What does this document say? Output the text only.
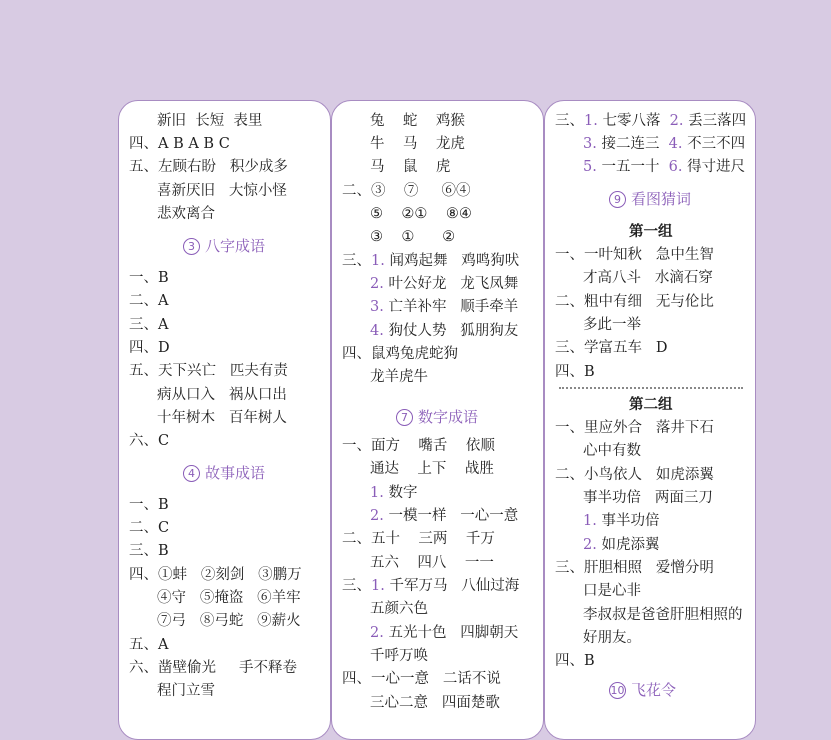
新旧  长短  表里
四、A B A B C
五、左顾右盼   积少成多
喜新厌旧   大惊小怪
悲欢离合
3 八字成语
一、B
二、A
三、A
四、D
五、天下兴亡   匹夫有责
病从口入   祸从口出
十年树木   百年树人
六、C
4 故事成语
一、B
二、C
三、B
四、①蚌   ②刻剑   ③鹏万
④守   ⑤掩盗   ⑥羊牢
⑦弓   ⑧弓蛇   ⑨薪火
五、A
六、凿壁偷光     手不释卷
程门立雪
兔    蛇    鸡猴
牛    马    龙虎
马    鼠    虎
二、③    ⑦     ⑥④
⑤    ②①    ⑧④
③    ①      ②
三、1. 闻鸡起舞   鸡鸣狗吠
2. 叶公好龙   龙飞凤舞
3. 亡羊补牢   顺手牵羊
4. 狗仗人势   狐朋狗友
四、鼠鸡兔虎蛇狗
龙羊虎牛
7 数字成语
一、面方    嘴舌    依顺
通达    上下    战胜
1. 数字
2. 一模一样   一心一意
二、五十    三两    千万
五六    四八    一一
三、1. 千军万马   八仙过海
五颜六色
2. 五光十色   四脚朝天
千呼万唤
四、一心一意   二话不说
三心二意   四面楚歌
三、1. 七零八落 2. 丢三落四
3. 接二连三 4. 不三不四
5. 一五一十 6. 得寸进尺
9 看图猜词
第一组
一、一叶知秋   急中生智
才高八斗   水滴石穿
二、粗中有细   无与伦比
多此一举
三、学富五车   D
四、B
第二组
一、里应外合   落井下石
心中有数
二、小鸟依人   如虎添翼
事半功倍   两面三刀
1. 事半功倍
2. 如虎添翼
三、肝胆相照   爱憎分明
口是心非
李叔叔是爸爸肝胆相照的
好朋友。
四、B
10 飞花令
